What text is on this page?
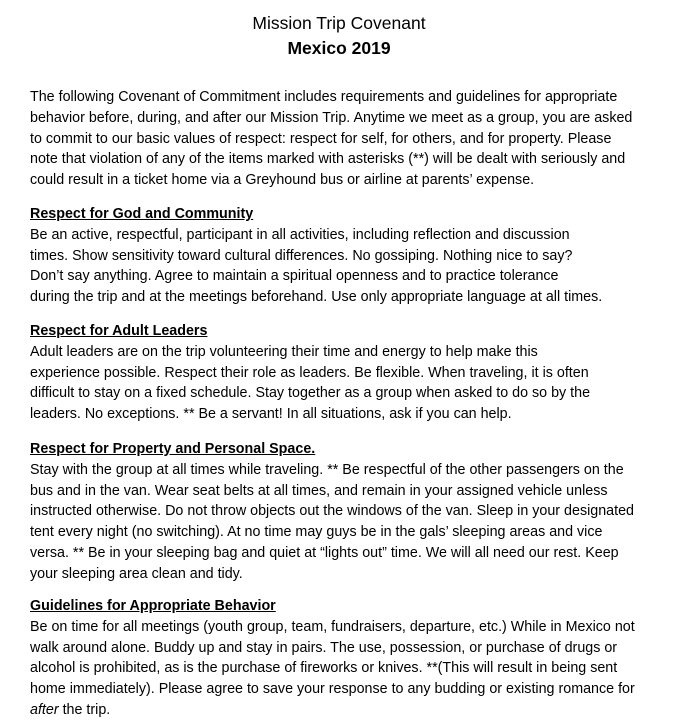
Mission Trip Covenant
Mexico 2019
The following Covenant of Commitment includes requirements and guidelines for appropriate
behavior before, during, and after our Mission Trip. Anytime we meet as a group, you are asked
to commit to our basic values of respect: respect for self, for others, and for property. Please
note that violation of any of the items marked with asterisks (**) will be dealt with seriously and
could result in a ticket home via a Greyhound bus or airline at parents’ expense.
Respect for God and Community
Be an active, respectful, participant in all activities, including reflection and discussion
times. Show sensitivity toward cultural differences. No gossiping. Nothing nice to say?
Don’t say anything. Agree to maintain a spiritual openness and to practice tolerance
during the trip and at the meetings beforehand. Use only appropriate language at all times.
Respect for Adult Leaders
Adult leaders are on the trip volunteering their time and energy to help make this
experience possible. Respect their role as leaders. Be flexible. When traveling, it is often
difficult to stay on a fixed schedule. Stay together as a group when asked to do so by the
leaders. No exceptions. ** Be a servant! In all situations, ask if you can help.
Respect for Property and Personal Space.
Stay with the group at all times while traveling. ** Be respectful of the other passengers on the
bus and in the van. Wear seat belts at all times, and remain in your assigned vehicle unless
instructed otherwise. Do not throw objects out the windows of the van. Sleep in your designated
tent every night (no switching). At no time may guys be in the gals’ sleeping areas and vice
versa. ** Be in your sleeping bag and quiet at “lights out” time. We will all need our rest. Keep
your sleeping area clean and tidy.
Guidelines for Appropriate Behavior
Be on time for all meetings (youth group, team, fundraisers, departure, etc.) While in Mexico not
walk around alone. Buddy up and stay in pairs. The use, possession, or purchase of drugs or
alcohol is prohibited, as is the purchase of fireworks or knives. **(This will result in being sent
home immediately). Please agree to save your response to any budding or existing romance for
after the trip.
